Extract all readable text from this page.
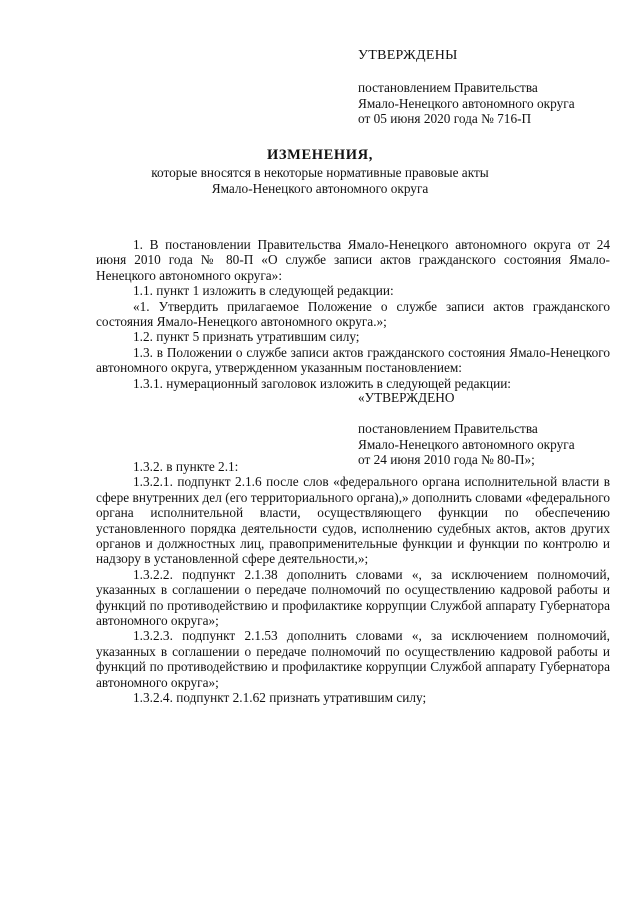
УТВЕРЖДЕНЫ
постановлением Правительства
Ямало-Ненецкого автономного округа
от 05 июня 2020 года № 716-П
ИЗМЕНЕНИЯ,
которые вносятся в некоторые нормативные правовые акты
Ямало-Ненецкого автономного округа

1. В постановлении Правительства Ямало-Ненецкого автономного округа от 24 июня 2010 года № 80-П «О службе записи актов гражданского состояния Ямало-Ненецкого автономного округа»:

1.1. пункт 1 изложить в следующей редакции:

«1. Утвердить прилагаемое Положение о службе записи актов гражданского состояния Ямало-Ненецкого автономного округа.»;

1.2. пункт 5 признать утратившим силу;

1.3. в Положении о службе записи актов гражданского состояния Ямало-Ненецкого автономного округа, утвержденном указанным постановлением:

1.3.1. нумерационный заголовок изложить в следующей редакции:

«УТВЕРЖДЕНО
постановлением Правительства
Ямало-Ненецкого автономного округа
от 24 июня 2010 года № 80-П»;

1.3.2. в пункте 2.1:

1.3.2.1. подпункт 2.1.6 после слов «федерального органа исполнительной власти в сфере внутренних дел (его территориального органа),» дополнить словами «федерального органа исполнительной власти, осуществляющего функции по обеспечению установленного порядка деятельности судов, исполнению судебных актов, актов других органов и должностных лиц, правоприменительные функции и функции по контролю и надзору в установленной сфере деятельности,»;

1.3.2.2. подпункт 2.1.38 дополнить словами «, за исключением полномочий, указанных в соглашении о передаче полномочий по осуществлению кадровой работы и функций по противодействию и профилактике коррупции Службой аппарату Губернатора автономного округа»;

1.3.2.3. подпункт 2.1.53 дополнить словами «, за исключением полномочий, указанных в соглашении о передаче полномочий по осуществлению кадровой работы и функций по противодействию и профилактике коррупции Службой аппарату Губернатора автономного округа»;

1.3.2.4. подпункт 2.1.62 признать утратившим силу;
